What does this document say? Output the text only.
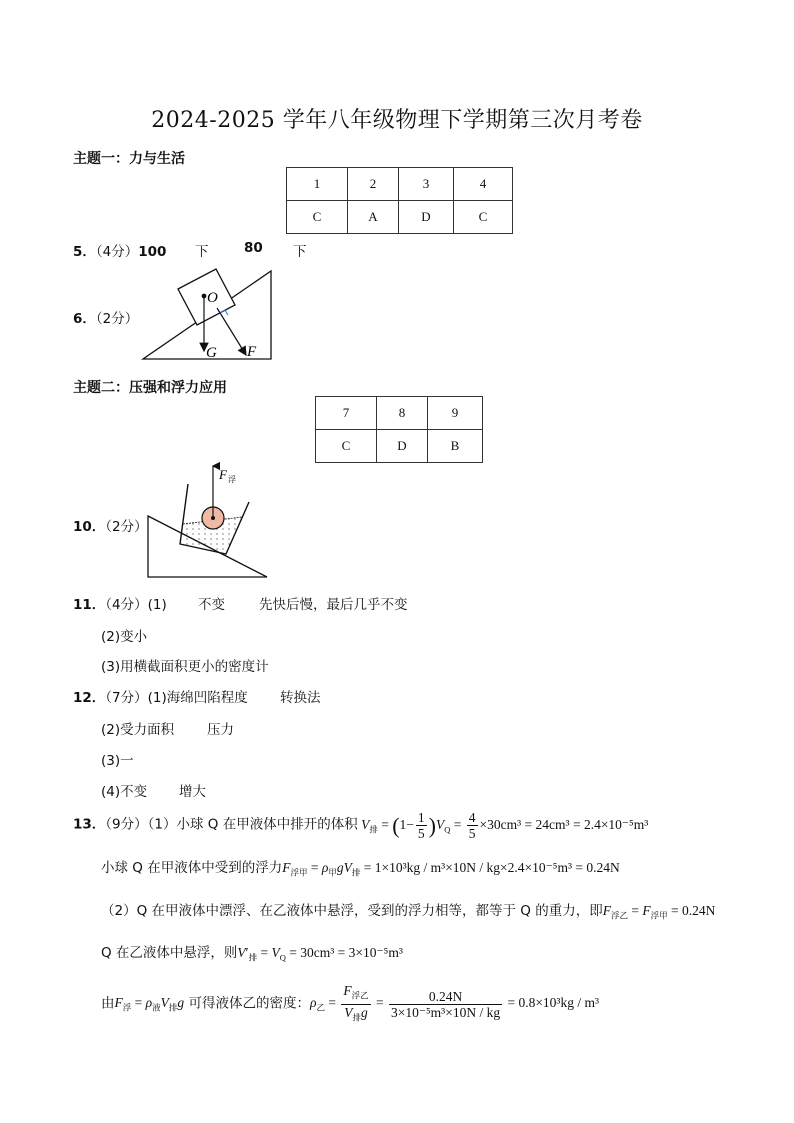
2024-2025 学年八年级物理下学期第三次月考卷
主题一：力与生活
1	2	3	4
C	A	D	C
5．（4分）100 下	80 下
6．（2分）
O
G F
主题二：压强和浮力应用
7	8	9
C	D	B
10．（2分）
F 浮
11．（4分）(1) 不变	先快后慢，最后几乎不变
(2)变小
(3)用横截面积更小的密度计
12．（7分）(1)海绵凹陷程度 转换法
(2)受力面积 压力
(3)一
(4)不变 增大
13．（9分）（1）小球 Q 在甲液体中排开的体积 $V_排 = (1- \frac{1}{5} )V_Q = \frac{4}{5} \times 30cm^3 = 24cm^3 = 2.4\times 10^{-5}m^3$
小球 Q 在甲液体中受到的浮力$F_{浮甲} = \rho_甲gV_排 = 1\times 10^3kg / m^3\times 10N / kg\times 2.4\times 10^{-5}m^3 = 0.24N$
（2）Q 在甲液体中漂浮、在乙液体中悬浮，受到的浮力相等，都等于 Q 的重力，即$F_{浮乙} = F_{浮甲} = 0.24N$
Q 在乙液体中悬浮，则$V'_排 = V_Q = 30cm^3 = 3\times 10^{-5}m^3$
由$F_浮 = \rho_液V_排g$ 可得液体乙的密度：$\rho_乙 = \frac{F_{浮乙}}{V_排g} = \frac{0.24N}{\text{3×10⁻⁵m³×10N / kg}} = 0.8\times 10^3kg / m^3$
